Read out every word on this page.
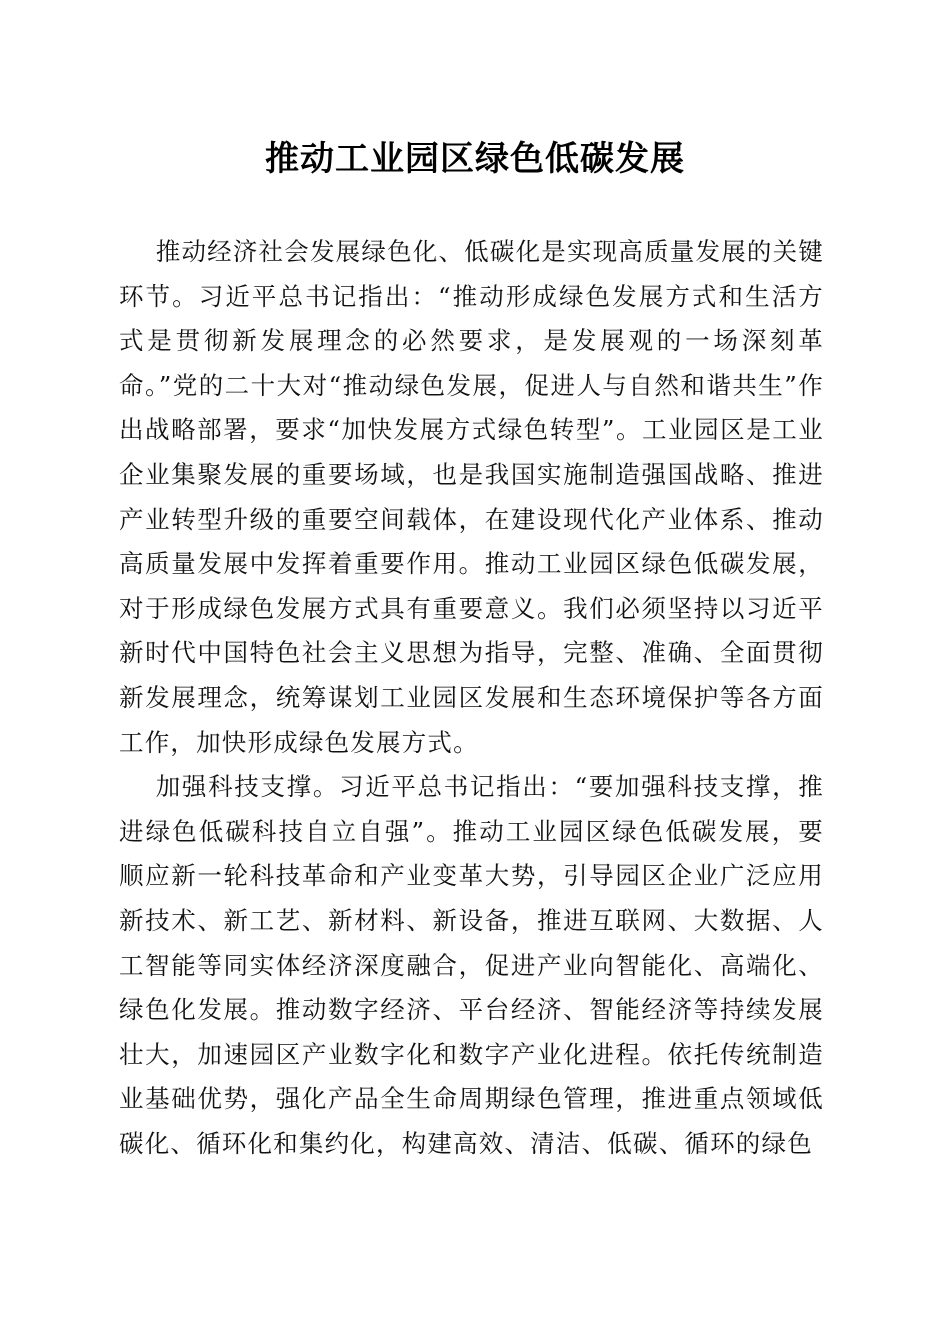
推动工业园区绿色低碳发展

推动经济社会发展绿色化、低碳化是实现高质量发展的关键环节。习近平总书记指出：“推动形成绿色发展方式和生活方式是贯彻新发展理念的必然要求，是发展观的一场深刻革命。”党的二十大对“推动绿色发展，促进人与自然和谐共生”作出战略部署，要求“加快发展方式绿色转型”。工业园区是工业企业集聚发展的重要场域，也是我国实施制造强国战略、推进产业转型升级的重要空间载体，在建设现代化产业体系、推动高质量发展中发挥着重要作用。推动工业园区绿色低碳发展，对于形成绿色发展方式具有重要意义。我们必须坚持以习近平新时代中国特色社会主义思想为指导，完整、准确、全面贯彻新发展理念，统筹谋划工业园区发展和生态环境保护等各方面工作，加快形成绿色发展方式。

加强科技支撑。习近平总书记指出：“要加强科技支撑，推进绿色低碳科技自立自强”。推动工业园区绿色低碳发展，要顺应新一轮科技革命和产业变革大势，引导园区企业广泛应用新技术、新工艺、新材料、新设备，推进互联网、大数据、人工智能等同实体经济深度融合，促进产业向智能化、高端化、绿色化发展。推动数字经济、平台经济、智能经济等持续发展壮大，加速园区产业数字化和数字产业化进程。依托传统制造业基础优势，强化产品全生命周期绿色管理，推进重点领域低碳化、循环化和集约化，构建高效、清洁、低碳、循环的绿色
